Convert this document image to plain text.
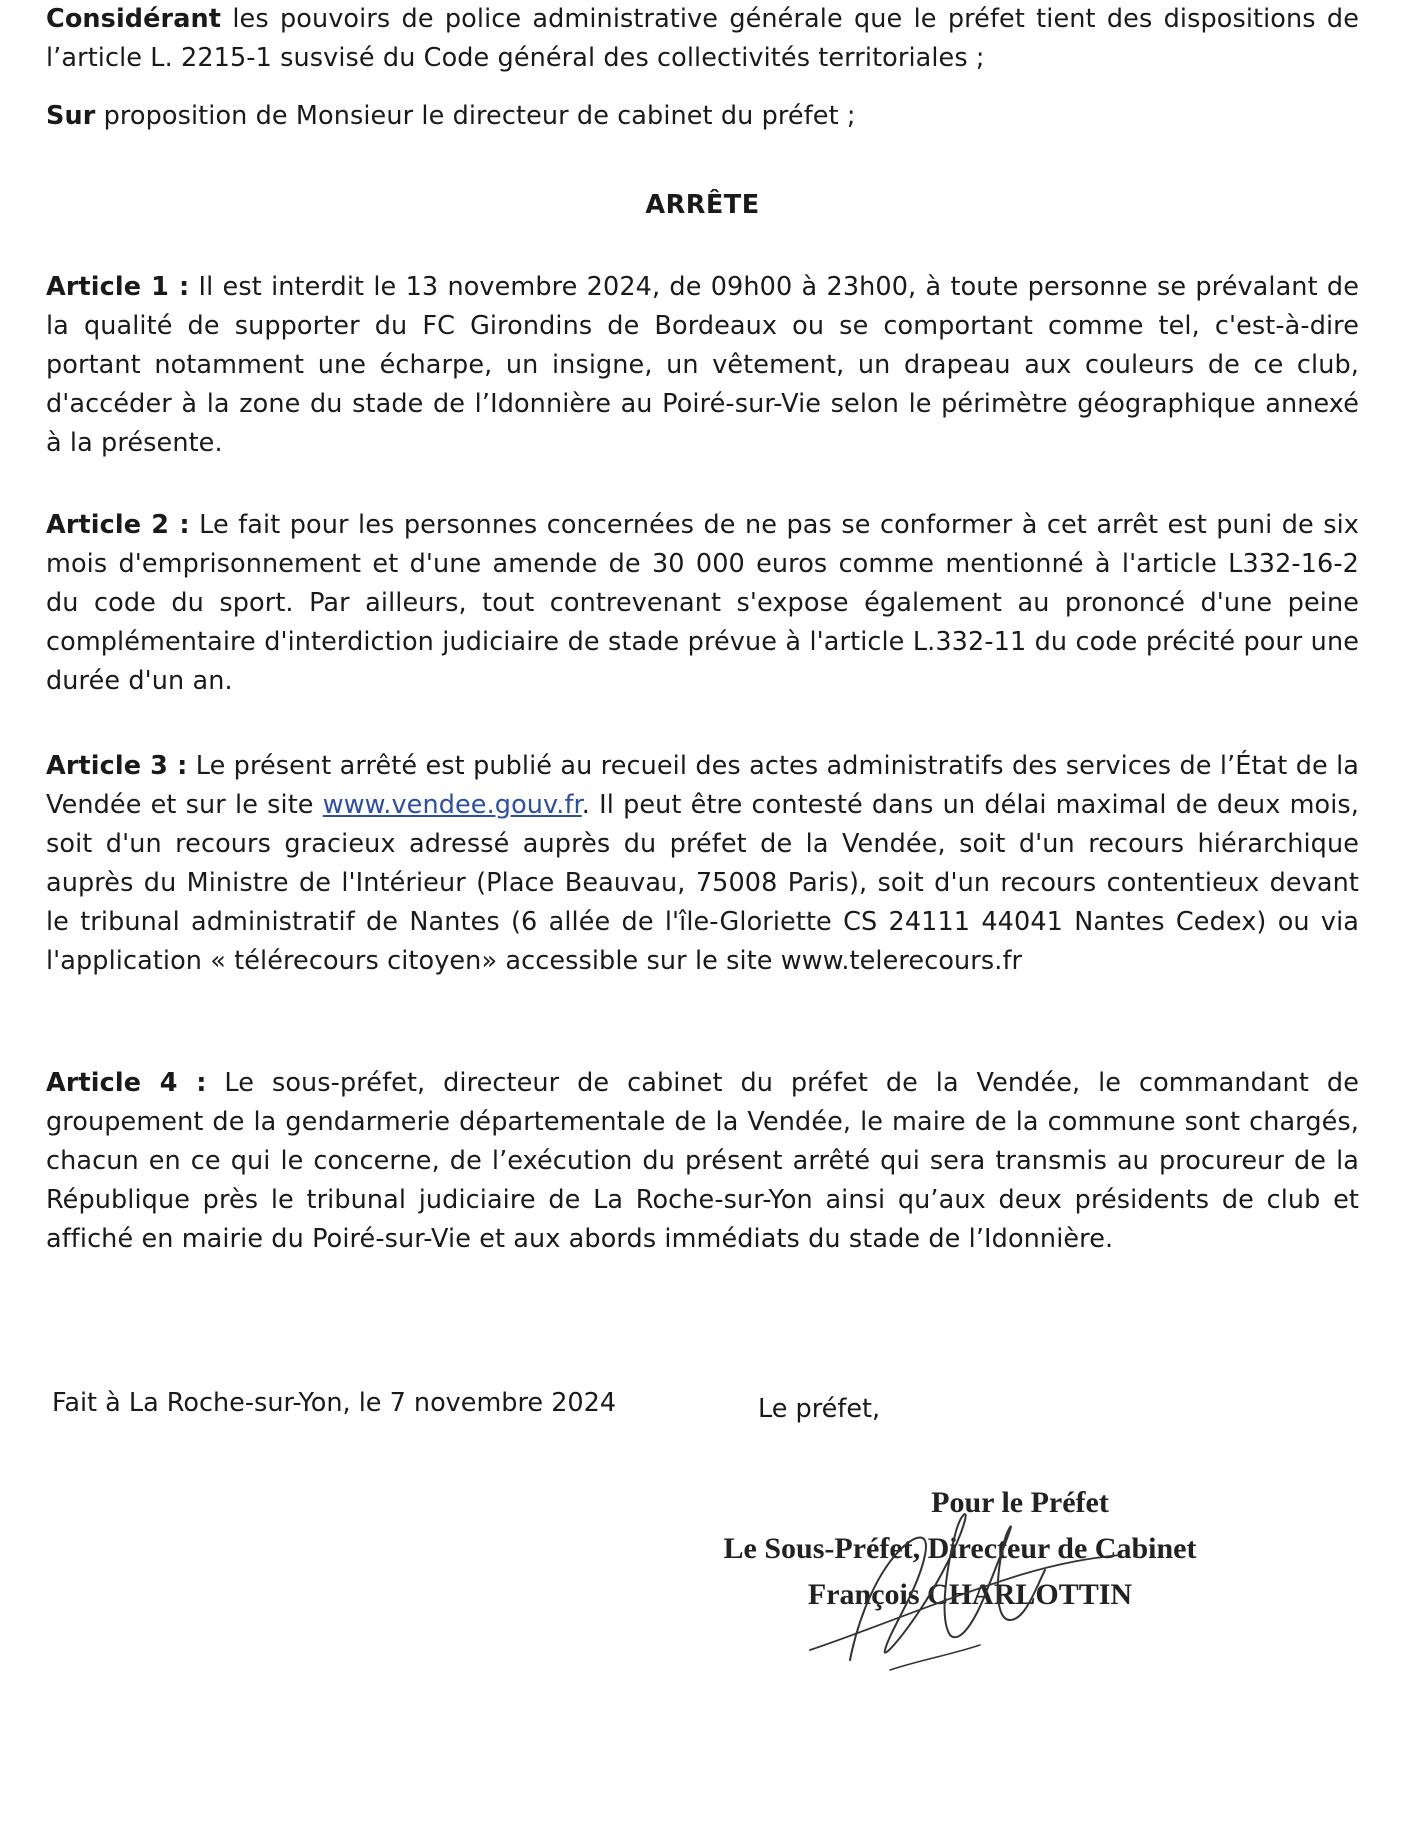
Considérant les pouvoirs de police administrative générale que le préfet tient des dispositions de l’article L. 2215-1 susvisé du Code général des collectivités territoriales ;

Sur proposition de Monsieur le directeur de cabinet du préfet ;

ARRÊTE

Article 1 : Il est interdit le 13 novembre 2024, de 09h00 à 23h00, à toute personne se prévalant de la qualité de supporter du FC Girondins de Bordeaux ou se comportant comme tel, c'est-à-dire portant notamment une écharpe, un insigne, un vêtement, un drapeau aux couleurs de ce club, d'accéder à la zone du stade de l’Idonnière au Poiré-sur-Vie selon le périmètre géographique annexé à la présente.

Article 2 : Le fait pour les personnes concernées de ne pas se conformer à cet arrêt est puni de six mois d'emprisonnement et d'une amende de 30 000 euros comme mentionné à l'article L332-16-2 du code du sport. Par ailleurs, tout contrevenant s'expose également au prononcé d'une peine complémentaire d'interdiction judiciaire de stade prévue à l'article L.332-11 du code précité pour une durée d'un an.

Article 3 : Le présent arrêté est publié au recueil des actes administratifs des services de l’État de la Vendée et sur le site www.vendee.gouv.fr. Il peut être contesté dans un délai maximal de deux mois, soit d'un recours gracieux adressé auprès du préfet de la Vendée, soit d'un recours hiérarchique auprès du Ministre de l'Intérieur (Place Beauvau, 75008 Paris), soit d'un recours contentieux devant le tribunal administratif de Nantes (6 allée de l'île-Gloriette CS 24111 44041 Nantes Cedex) ou via l'application « télérecours citoyen» accessible sur le site www.telerecours.fr

Article 4 : Le sous-préfet, directeur de cabinet du préfet de la Vendée, le commandant de groupement de la gendarmerie départementale de la Vendée, le maire de la commune sont chargés, chacun en ce qui le concerne, de l’exécution du présent arrêté qui sera transmis au procureur de la République près le tribunal judiciaire de La Roche-sur-Yon ainsi qu’aux deux présidents de club et affiché en mairie du Poiré-sur-Vie et aux abords immédiats du stade de l’Idonnière.

Fait à La Roche-sur-Yon, le 7 novembre 2024	Le préfet,
Pour le Préfet
Le Sous-Préfet, Directeur de Cabinet
François CHARLOTTIN
